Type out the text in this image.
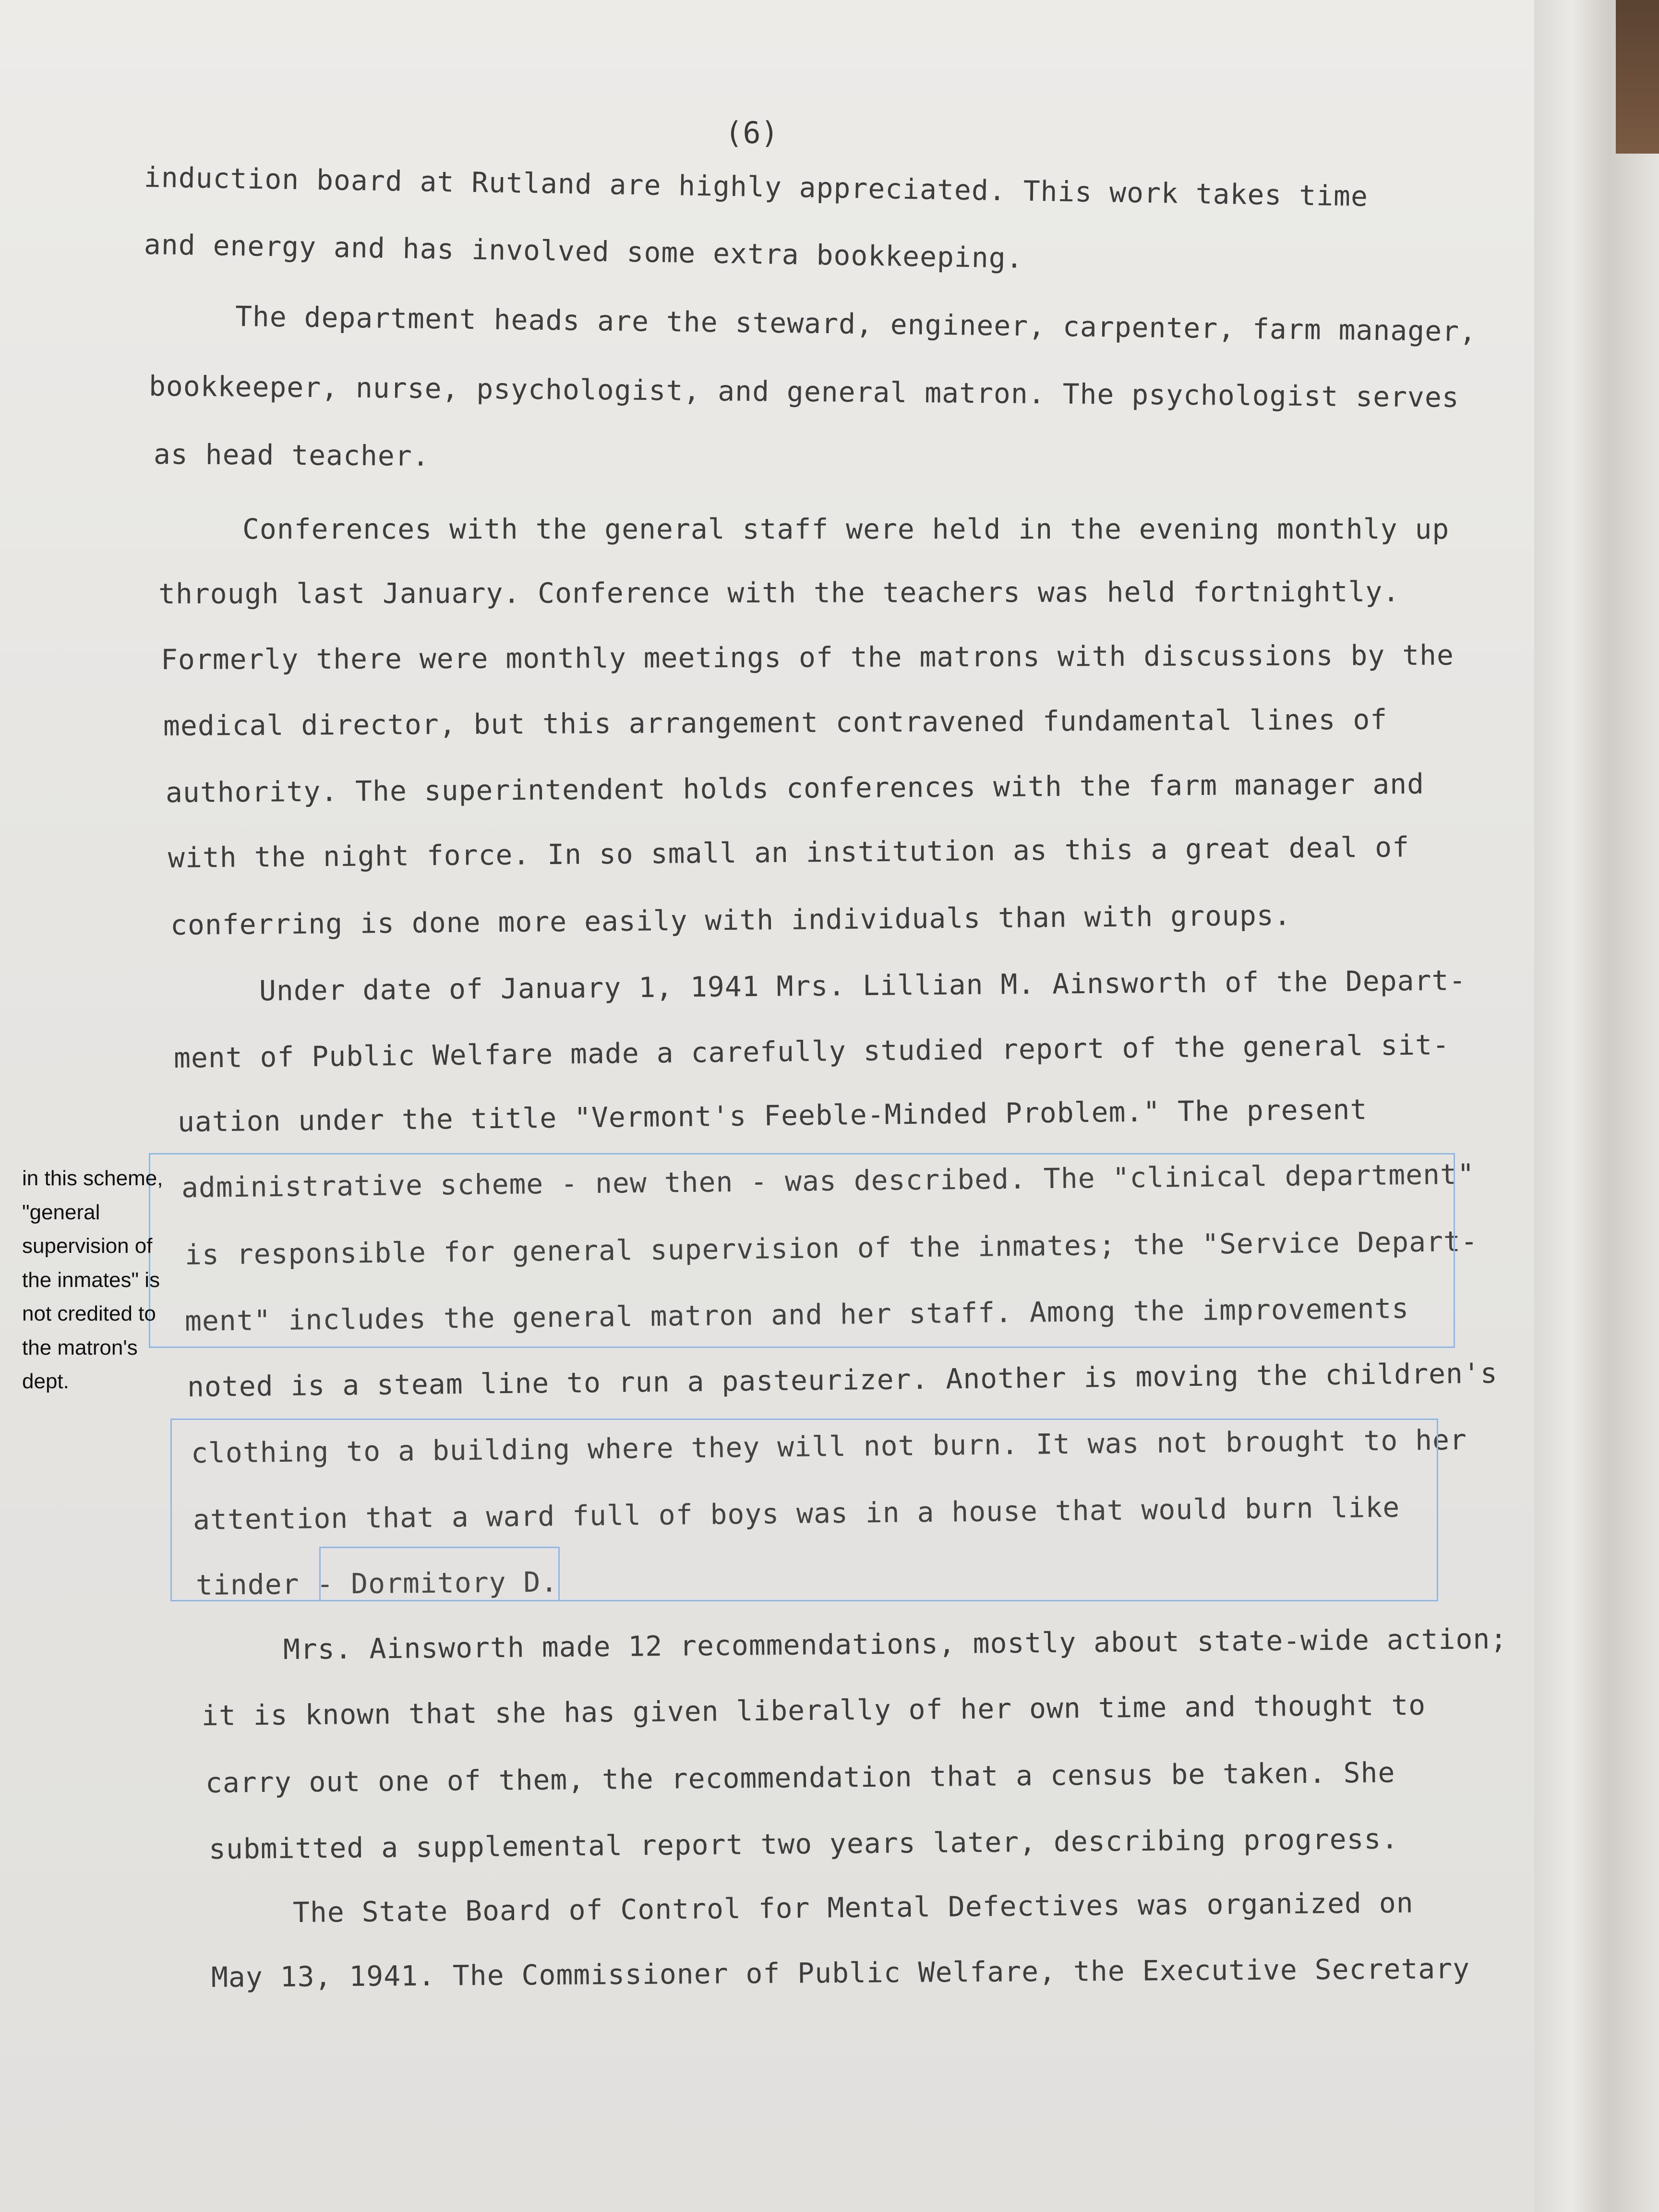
(6)
induction board at Rutland are highly appreciated. This work takes time
and energy and has involved some extra bookkeeping.
The department heads are the steward, engineer, carpenter, farm manager,
bookkeeper, nurse, psychologist, and general matron. The psychologist serves
as head teacher.
Conferences with the general staff were held in the evening monthly up
through last January. Conference with the teachers was held fortnightly.
Formerly there were monthly meetings of the matrons with discussions by the
medical director, but this arrangement contravened fundamental lines of
authority. The superintendent holds conferences with the farm manager and
with the night force. In so small an institution as this a great deal of
conferring is done more easily with individuals than with groups.
Under date of January 1, 1941 Mrs. Lillian M. Ainsworth of the Depart-
ment of Public Welfare made a carefully studied report of the general sit-
uation under the title "Vermont's Feeble-Minded Problem." The present
administrative scheme - new then - was described. The "clinical department"
is responsible for general supervision of the inmates; the "Service Depart-
ment" includes the general matron and her staff. Among the improvements
noted is a steam line to run a pasteurizer. Another is moving the children's
clothing to a building where they will not burn. It was not brought to her
attention that a ward full of boys was in a house that would burn like
tinder - Dormitory D.
Mrs. Ainsworth made 12 recommendations, mostly about state-wide action;
it is known that she has given liberally of her own time and thought to
carry out one of them, the recommendation that a census be taken. She
submitted a supplemental report two years later, describing progress.
The State Board of Control for Mental Defectives was organized on
May 13, 1941. The Commissioner of Public Welfare, the Executive Secretary
in this scheme, "general supervision of the inmates" is not credited to the matron's dept.
